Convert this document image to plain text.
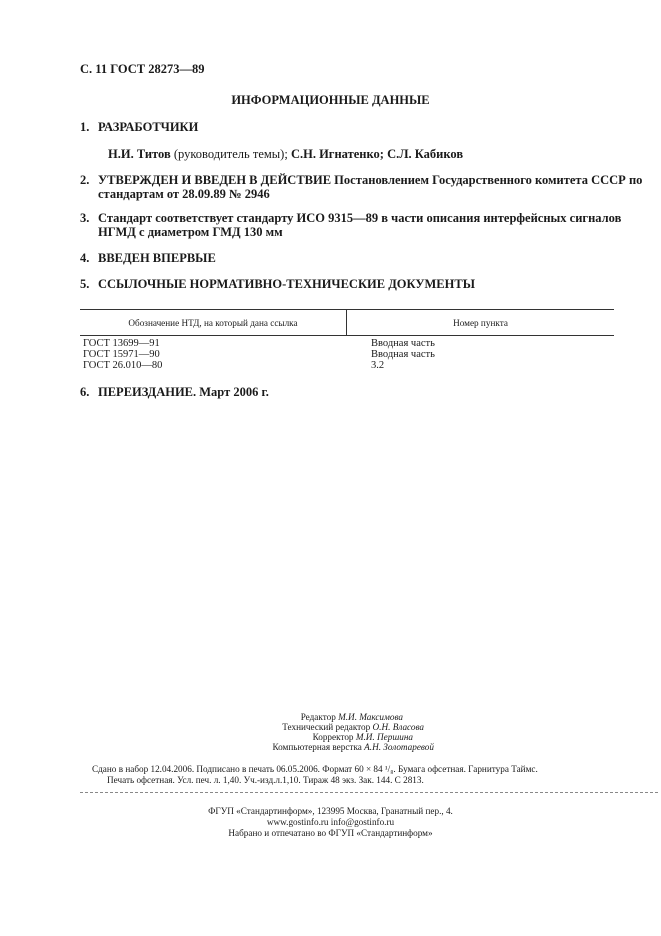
С. 11 ГОСТ 28273—89
ИНФОРМАЦИОННЫЕ ДАННЫЕ
1. РАЗРАБОТЧИКИ
Н.И. Титов (руководитель темы); С.Н. Игнатенко; С.Л. Кабиков
2. УТВЕРЖДЕН И ВВЕДЕН В ДЕЙСТВИЕ Постановлением Государственного комитета СССР по
стандартам от 28.09.89 № 2946
3. Стандарт соответствует стандарту ИСО 9315—89 в части описания интерфейсных сигналов
НГМД с диаметром ГМД 130 мм
4. ВВЕДЕН ВПЕРВЫЕ
5. ССЫЛОЧНЫЕ НОРМАТИВНО-ТЕХНИЧЕСКИЕ ДОКУМЕНТЫ
Обозначение НТД, на который дана ссылка	Номер пункта
ГОСТ 13699—91	Вводная часть
ГОСТ 15971—90	Вводная часть
ГОСТ 26.010—80	3.2
6. ПЕРЕИЗДАНИЕ. Март 2006 г.
Редактор М.И. Максимова
Технический редактор О.Н. Власова
Корректор М.И. Першина
Компьютерная верстка А.Н. Золотаревой
Сдано в набор 12.04.2006. Подписано в печать 06.05.2006. Формат 60 × 84 ¹/₈. Бумага офсетная. Гарнитура Таймс.
Печать офсетная. Усл. печ. л. 1,40. Уч.-изд.л.1,10. Тираж 48 экз. Зак. 144. С 2813.
ФГУП «Стандартинформ», 123995 Москва, Гранатный пер., 4.
www.gostinfo.ru info@gostinfo.ru
Набрано и отпечатано во ФГУП «Стандартинформ»
